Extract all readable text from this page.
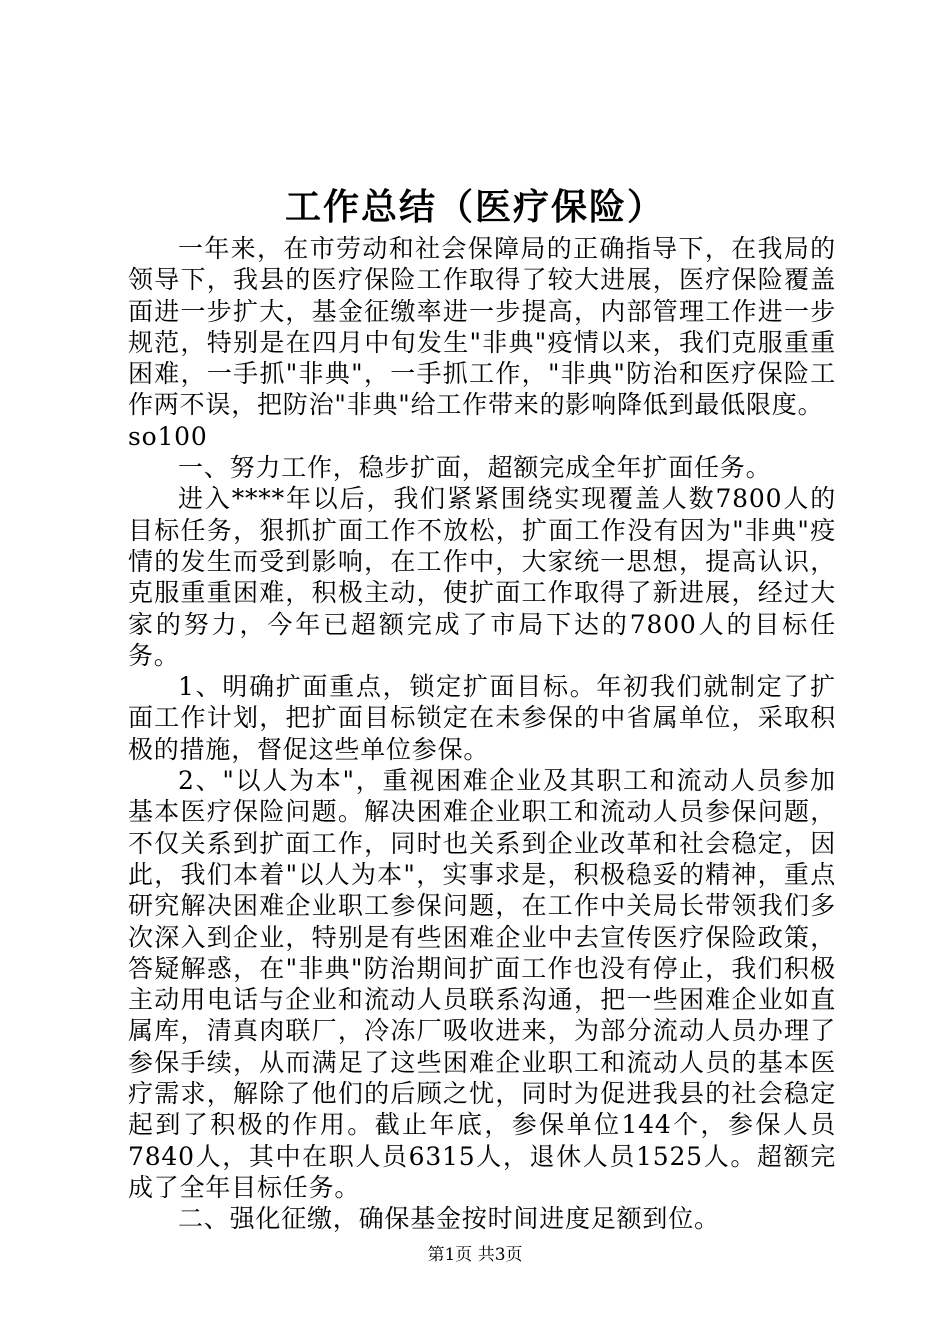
工作总结（医疗保险）

一年来，在市劳动和社会保障局的正确指导下，在我局的领导下，我县的医疗保险工作取得了较大进展，医疗保险覆盖面进一步扩大，基金征缴率进一步提高，内部管理工作进一步规范，特别是在四月中旬发生"非典"疫情以来，我们克服重重困难，一手抓"非典"，一手抓工作，"非典"防治和医疗保险工作两不误，把防治"非典"给工作带来的影响降低到最低限度。

so100

一、努力工作，稳步扩面，超额完成全年扩面任务。

进入****年以后，我们紧紧围绕实现覆盖人数7800人的目标任务，狠抓扩面工作不放松，扩面工作没有因为"非典"疫情的发生而受到影响，在工作中，大家统一思想，提高认识，克服重重困难，积极主动，使扩面工作取得了新进展，经过大家的努力，今年已超额完成了市局下达的7800人的目标任务。

1、明确扩面重点，锁定扩面目标。年初我们就制定了扩面工作计划，把扩面目标锁定在未参保的中省属单位，采取积极的措施，督促这些单位参保。

2、"以人为本"，重视困难企业及其职工和流动人员参加基本医疗保险问题。解决困难企业职工和流动人员参保问题，不仅关系到扩面工作，同时也关系到企业改革和社会稳定，因此，我们本着"以人为本"，实事求是，积极稳妥的精神，重点研究解决困难企业职工参保问题，在工作中关局长带领我们多次深入到企业，特别是有些困难企业中去宣传医疗保险政策，答疑解惑，在"非典"防治期间扩面工作也没有停止，我们积极主动用电话与企业和流动人员联系沟通，把一些困难企业如直属库，清真肉联厂，冷冻厂吸收进来，为部分流动人员办理了参保手续，从而满足了这些困难企业职工和流动人员的基本医疗需求，解除了他们的后顾之忧，同时为促进我县的社会稳定起到了积极的作用。截止年底，参保单位144个，参保人员7840人，其中在职人员6315人，退休人员1525人。超额完成了全年目标任务。

二、强化征缴，确保基金按时间进度足额到位。

第1页 共3页
